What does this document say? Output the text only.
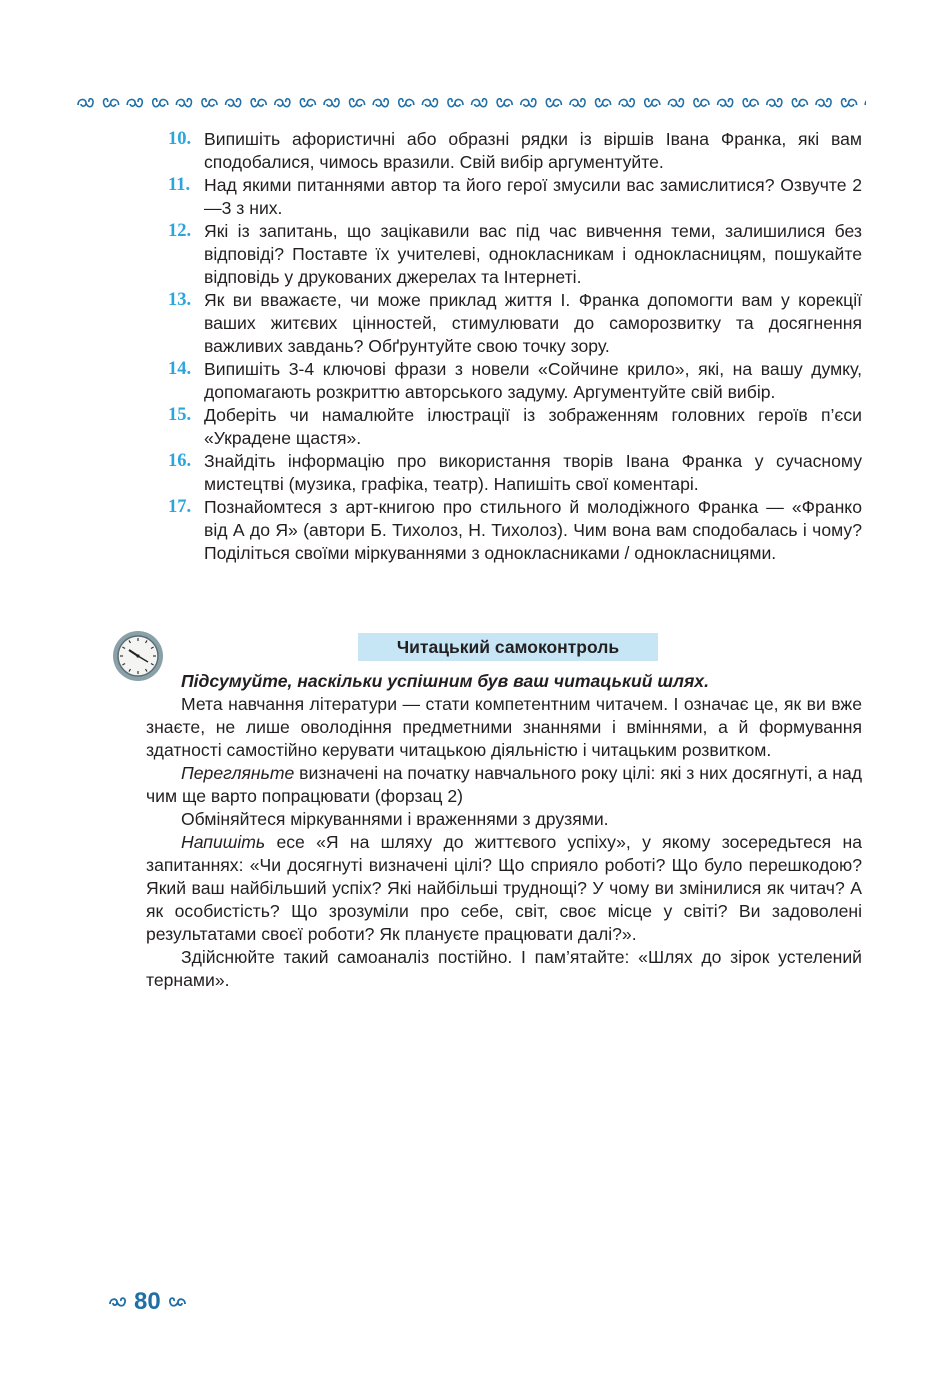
10. Випишіть афористичні або образні рядки із віршів Івана Франка, які вам сподобалися, чимось вразили. Свій вибір аргументуйте.
11. Над якими питаннями автор та його герої змусили вас замислитися? Озвучте 2—3 з них.
12. Які із запитань, що зацікавили вас під час вивчення теми, залишилися без відповіді? Поставте їх учителеві, однокласникам і однокласницям, пошукайте відповідь у друкованих джерелах та Інтернеті.
13. Як ви вважаєте, чи може приклад життя І. Франка допомогти вам у корекції ваших житєвих цінностей, стимулювати до саморозвитку та досягнення важливих завдань? Обґрунтуйте свою точку зору.
14. Випишіть 3-4 ключові фрази з новели «Сойчине крило», які, на вашу думку, допомагають розкриттю авторського задуму. Аргументуйте свій вибір.
15. Доберіть чи намалюйте ілюстрації із зображенням головних героїв п’єси «Украдене щастя».
16. Знайдіть інформацію про використання творів Івана Франка у сучасному мистецтві (музика, графіка, театр). Напишіть свої коментарі.
17. Познайомтеся з арт-книгою про стильного й молодіжного Франка — «Франко від А до Я» (автори Б. Тихолоз, Н. Тихолоз). Чим вона вам сподобалась і чому? Поділіться своїми міркуваннями з однокласниками / однокласницями.
Читацький самоконтроль

Підсумуйте, наскільки успішним був ваш читацький шлях.

Мета навчання літератури — стати компетентним читачем. І означає це, як ви вже знаєте, не лише оволодіння предметними знаннями і вміннями, а й формування здатності самостійно керувати читацькою діяльністю і читацьким розвитком.

Перегляньте визначені на початку навчального року цілі: які з них досягнуті, а над чим ще варто попрацювати (форзац 2)

Обміняйтеся міркуваннями і враженнями з друзями.

Напишіть есе «Я на шляху до життєвого успіху», у якому зосередьтеся на запитаннях: «Чи досягнуті визначені цілі? Що сприяло роботі? Що було перешкодою? Який ваш найбільший успіх? Які найбільші труднощі? У чому ви змінилися як читач? А як особистість? Що зрозуміли про себе, світ, своє місце у світі? Ви задоволені результатами своєї роботи? Як плануєте працювати далі?».

Здійснюйте такий самоаналіз постійно. І пам’ятайте: «Шлях до зірок устелений тернами».

80
